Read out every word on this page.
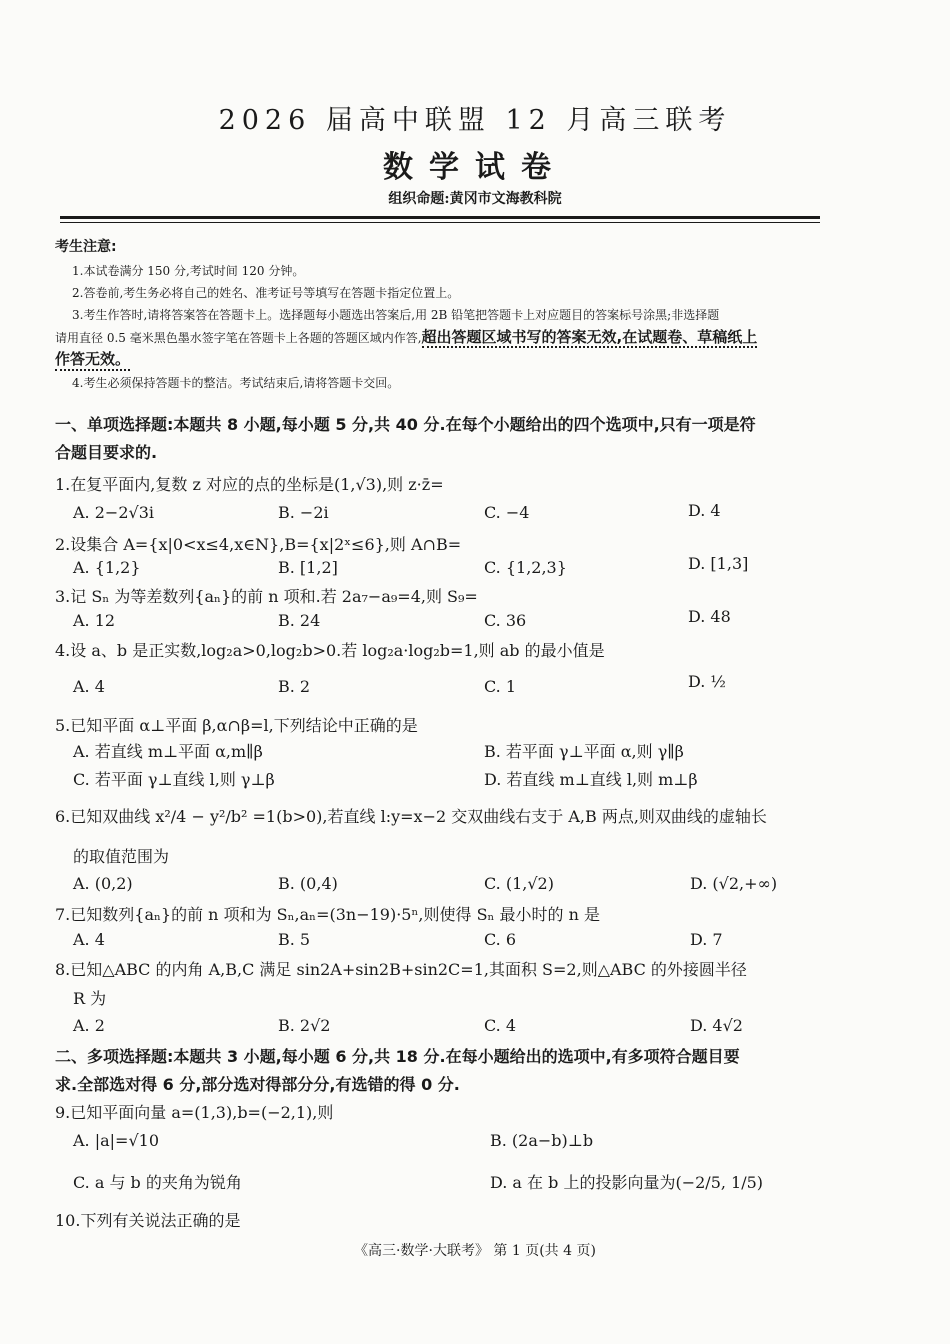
2026 届高中联盟 12 月高三联考
数学试卷
组织命题:黄冈市文海教科院
考生注意:
1.本试卷满分 150 分,考试时间 120 分钟。
2.答卷前,考生务必将自己的姓名、准考证号等填写在答题卡指定位置上。
3.考生作答时,请将答案答在答题卡上。选择题每小题选出答案后,用 2B 铅笔把答题卡上对应题目的答案标号涂黑;非选择题
请用直径 0.5 毫米黑色墨水签字笔在答题卡上各题的答题区域内作答,超出答题区域书写的答案无效,在试题卷、草稿纸上
作答无效。
4.考生必须保持答题卡的整洁。考试结束后,请将答题卡交回。
一、单项选择题:本题共 8 小题,每小题 5 分,共 40 分.在每个小题给出的四个选项中,只有一项是符
合题目要求的.
1.在复平面内,复数 z 对应的点的坐标是(1,√3),则 z·z̄=
A. 2−2√3i	B. −2i	C. −4	D. 4
2.设集合 A={x|0<x≤4,x∈N},B={x|2ˣ≤6},则 A∩B=
A. {1,2}	B. [1,2]	C. {1,2,3}	D. [1,3]
3.记 Sₙ 为等差数列{aₙ}的前 n 项和.若 2a₇−a₉=4,则 S₉=
A. 12	B. 24	C. 36	D. 48
4.设 a、b 是正实数,log₂a>0,log₂b>0.若 log₂a·log₂b=1,则 ab 的最小值是
A. 4	B. 2	C. 1	D. ½
5.已知平面 α⊥平面 β,α∩β=l,下列结论中正确的是
A. 若直线 m⊥平面 α,m∥β	B. 若平面 γ⊥平面 α,则 γ∥β
C. 若平面 γ⊥直线 l,则 γ⊥β	D. 若直线 m⊥直线 l,则 m⊥β
6.已知双曲线 x²/4 − y²/b² =1(b>0),若直线 l:y=x−2 交双曲线右支于 A,B 两点,则双曲线的虚轴长
的取值范围为
A. (0,2)	B. (0,4)	C. (1,√2)	D. (√2,+∞)
7.已知数列{aₙ}的前 n 项和为 Sₙ,aₙ=(3n−19)·5ⁿ,则使得 Sₙ 最小时的 n 是
A. 4	B. 5	C. 6	D. 7
8.已知△ABC 的内角 A,B,C 满足 sin2A+sin2B+sin2C=1,其面积 S=2,则△ABC 的外接圆半径
R 为
A. 2	B. 2√2	C. 4	D. 4√2
二、多项选择题:本题共 3 小题,每小题 6 分,共 18 分.在每小题给出的选项中,有多项符合题目要
求.全部选对得 6 分,部分选对得部分分,有选错的得 0 分.
9.已知平面向量 a=(1,3),b=(−2,1),则
A. |a|=√10	B. (2a−b)⊥b
C. a 与 b 的夹角为锐角	D. a 在 b 上的投影向量为(−2/5, 1/5)
10.下列有关说法正确的是
《高三·数学·大联考》 第 1 页(共 4 页)
